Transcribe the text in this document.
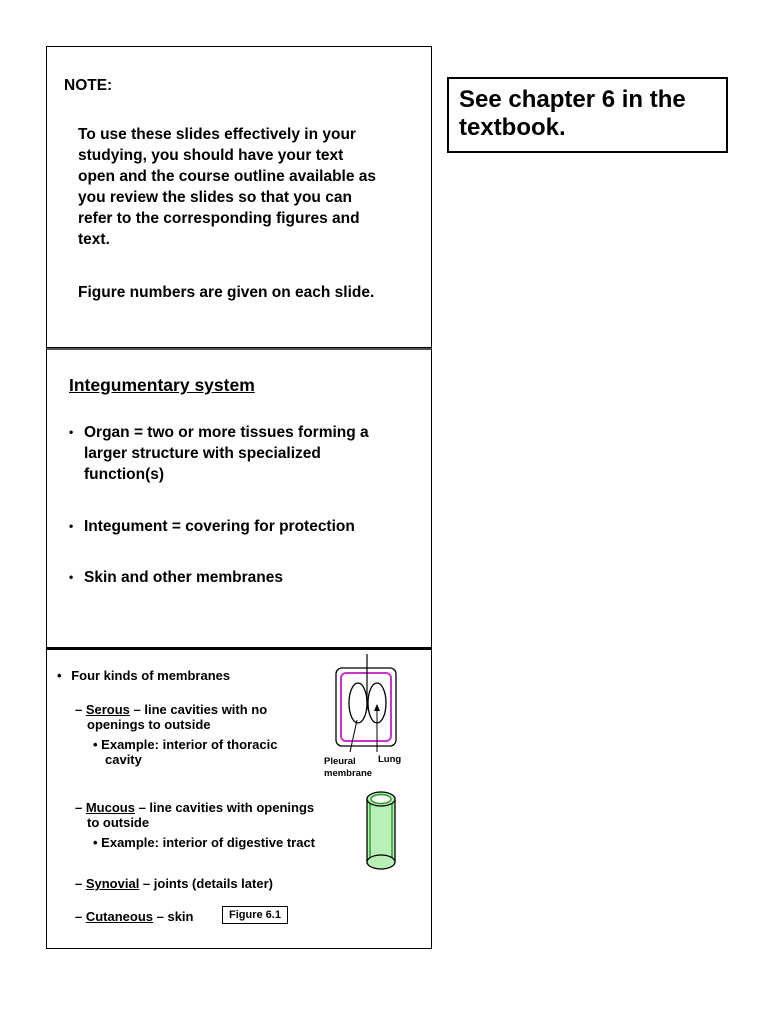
NOTE:
To use these slides effectively in your
studying, you should have your text
open and the course outline available as
you review the slides so that you can
refer to the corresponding figures and
text.
Figure numbers are given on each slide.
See chapter 6 in the
textbook.
Integumentary system
• Organ = two or more tissues forming a
larger structure with specialized
function(s)
• Integument = covering for protection
• Skin and other membranes
• Four kinds of membranes
– Serous – line cavities with no
openings to outside
• Example: interior of thoracic
cavity
– Mucous – line cavities with openings
to outside
• Example: interior of digestive tract
– Synovial – joints (details later)
– Cutaneous – skin	Figure 6.1
Pleural
membrane
Lung
